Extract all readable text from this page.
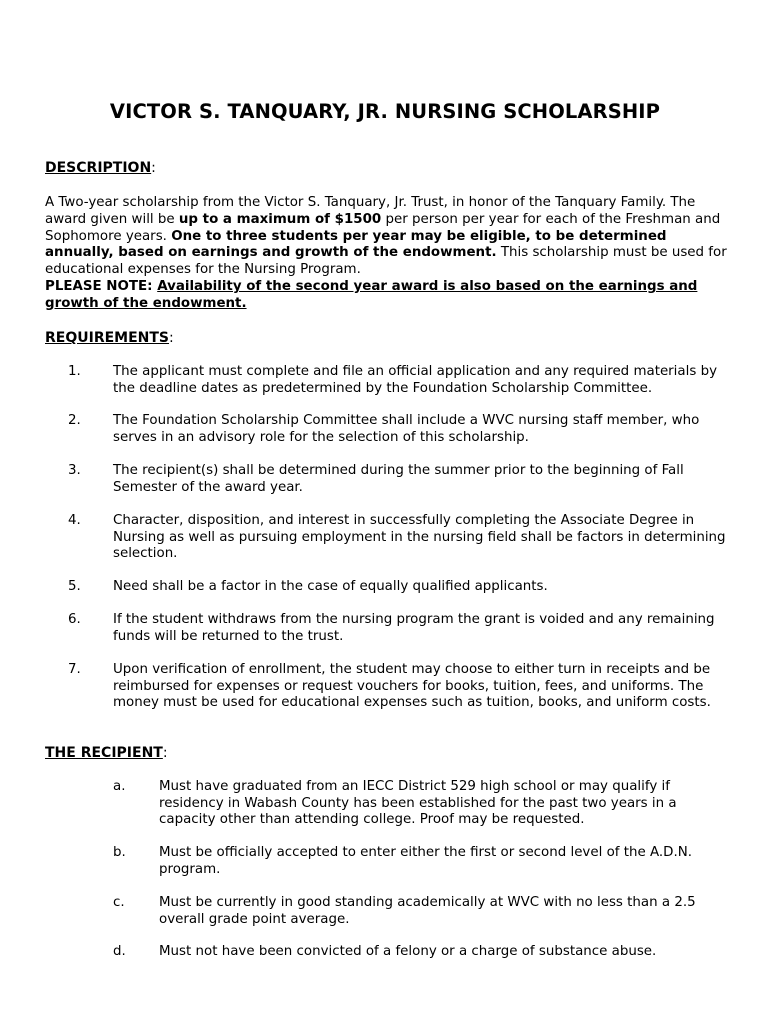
VICTOR S. TANQUARY, JR. NURSING SCHOLARSHIP
DESCRIPTION:

A Two-year scholarship from the Victor S. Tanquary, Jr. Trust, in honor of the Tanquary Family. The award given will be up to a maximum of $1500 per person per year for each of the Freshman and Sophomore years. One to three students per year may be eligible, to be determined annually, based on earnings and growth of the endowment. This scholarship must be used for educational expenses for the Nursing Program.
PLEASE NOTE: Availability of the second year award is also based on the earnings and growth of the endowment.

REQUIREMENTS:
1.	The applicant must complete and file an official application and any required materials by the deadline dates as predetermined by the Foundation Scholarship Committee.
2.	The Foundation Scholarship Committee shall include a WVC nursing staff member, who serves in an advisory role for the selection of this scholarship.
3.	The recipient(s) shall be determined during the summer prior to the beginning of Fall Semester of the award year.
4.	Character, disposition, and interest in successfully completing the Associate Degree in Nursing as well as pursuing employment in the nursing field shall be factors in determining selection.
5.	Need shall be a factor in the case of equally qualified applicants.
6.	If the student withdraws from the nursing program the grant is voided and any remaining funds will be returned to the trust.
7.	Upon verification of enrollment, the student may choose to either turn in receipts and be reimbursed for expenses or request vouchers for books, tuition, fees, and uniforms. The money must be used for educational expenses such as tuition, books, and uniform costs.
THE RECIPIENT:
a.	Must have graduated from an IECC District 529 high school or may qualify if residency in Wabash County has been established for the past two years in a capacity other than attending college. Proof may be requested.
b.	Must be officially accepted to enter either the first or second level of the A.D.N. program.
c.	Must be currently in good standing academically at WVC with no less than a 2.5 overall grade point average.
d.	Must not have been convicted of a felony or a charge of substance abuse.
